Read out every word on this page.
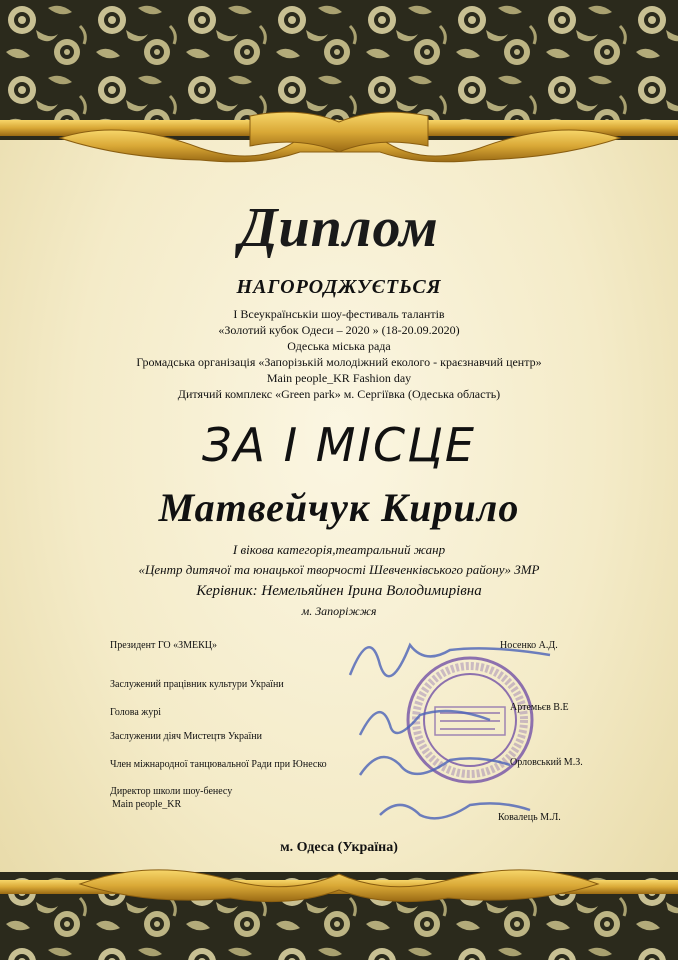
Диплом
НАГОРОДЖУЄТЬСЯ
І Всеукраїнськіи шоу-фестиваль талантів
«Золотий кубок Одеси – 2020 » (18-20.09.2020)
Одеська міська рада
Громадська організація «Запорізькій молодіжний еколого - краєзнавчий центр»
Main people_KR Fashion day
Дитячий комплекс «Green park» м. Сергіївка (Одеська область)
ЗА І МІСЦЕ
Матвейчук Кирило
І вікова категорія,театральний жанр
«Центр дитячої та юнацької творчості Шевченківського району» ЗМР
Керівник: Немельяйнен Ірина Володимирівна
м. Запоріжжя
Президент ГО «ЗМЕКЦ»	Носенко А.Д.
Заслужений працівник культури України
Голова журі	Артемьєв В.Е
Заслужении діяч Мистецтв України
Член міжнародної танцювальної Ради при Юнеско	Орловський М.З.
Директор школи шоу-бенесу
Main people_KR
Ковалець М.Л.
м. Одеса (Україна)
